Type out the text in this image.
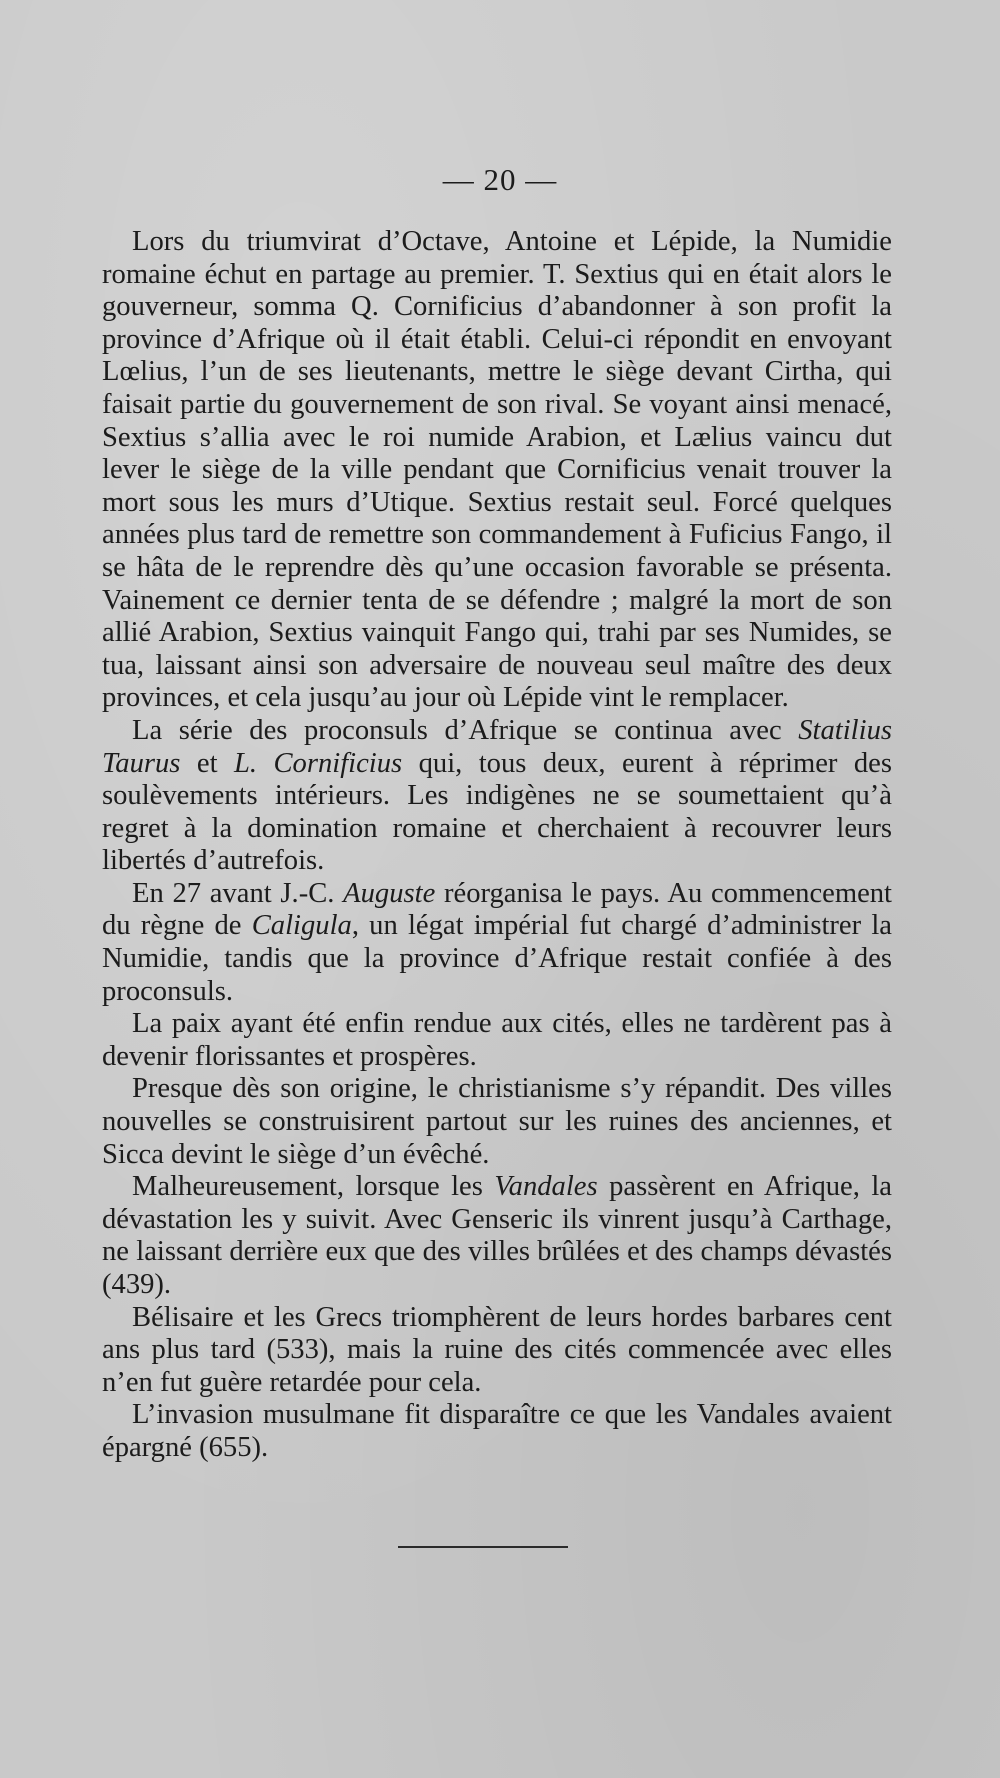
— 20 —

Lors du triumvirat d’Octave, Antoine et Lépide, la Numidie romaine échut en partage au premier. T. Sextius qui en était alors le gouverneur, somma Q. Cornificius d’abandonner à son profit la province d’Afrique où il était établi. Celui-ci répondit en envoyant Lœlius, l’un de ses lieutenants, mettre le siège devant Cirtha, qui faisait partie du gouvernement de son rival. Se voyant ainsi menacé, Sextius s’allia avec le roi numide Arabion, et Lælius vaincu dut lever le siège de la ville pendant que Cornificius venait trouver la mort sous les murs d’Utique. Sextius restait seul. Forcé quelques années plus tard de remettre son commandement à Fuficius Fango, il se hâta de le reprendre dès qu’une occasion favorable se présenta. Vainement ce dernier tenta de se défendre ; malgré la mort de son allié Arabion, Sextius vainquit Fango qui, trahi par ses Numides, se tua, laissant ainsi son adversaire de nouveau seul maître des deux provinces, et cela jusqu’au jour où Lépide vint le remplacer.

La série des proconsuls d’Afrique se continua avec Statilius Taurus et L. Cornificius qui, tous deux, eurent à réprimer des soulèvements intérieurs. Les indigènes ne se soumettaient qu’à regret à la domination romaine et cherchaient à recouvrer leurs libertés d’autrefois.

En 27 avant J.-C. Auguste réorganisa le pays. Au commencement du règne de Caligula, un légat impérial fut chargé d’administrer la Numidie, tandis que la province d’Afrique restait confiée à des proconsuls.

La paix ayant été enfin rendue aux cités, elles ne tardèrent pas à devenir florissantes et prospères.

Presque dès son origine, le christianisme s’y répandit. Des villes nouvelles se construisirent partout sur les ruines des anciennes, et Sicca devint le siège d’un évêché.

Malheureusement, lorsque les Vandales passèrent en Afrique, la dévastation les y suivit. Avec Genseric ils vinrent jusqu’à Carthage, ne laissant derrière eux que des villes brûlées et des champs dévastés (439).

Bélisaire et les Grecs triomphèrent de leurs hordes barbares cent ans plus tard (533), mais la ruine des cités commencée avec elles n’en fut guère retardée pour cela.

L’invasion musulmane fit disparaître ce que les Vandales avaient épargné (655).
